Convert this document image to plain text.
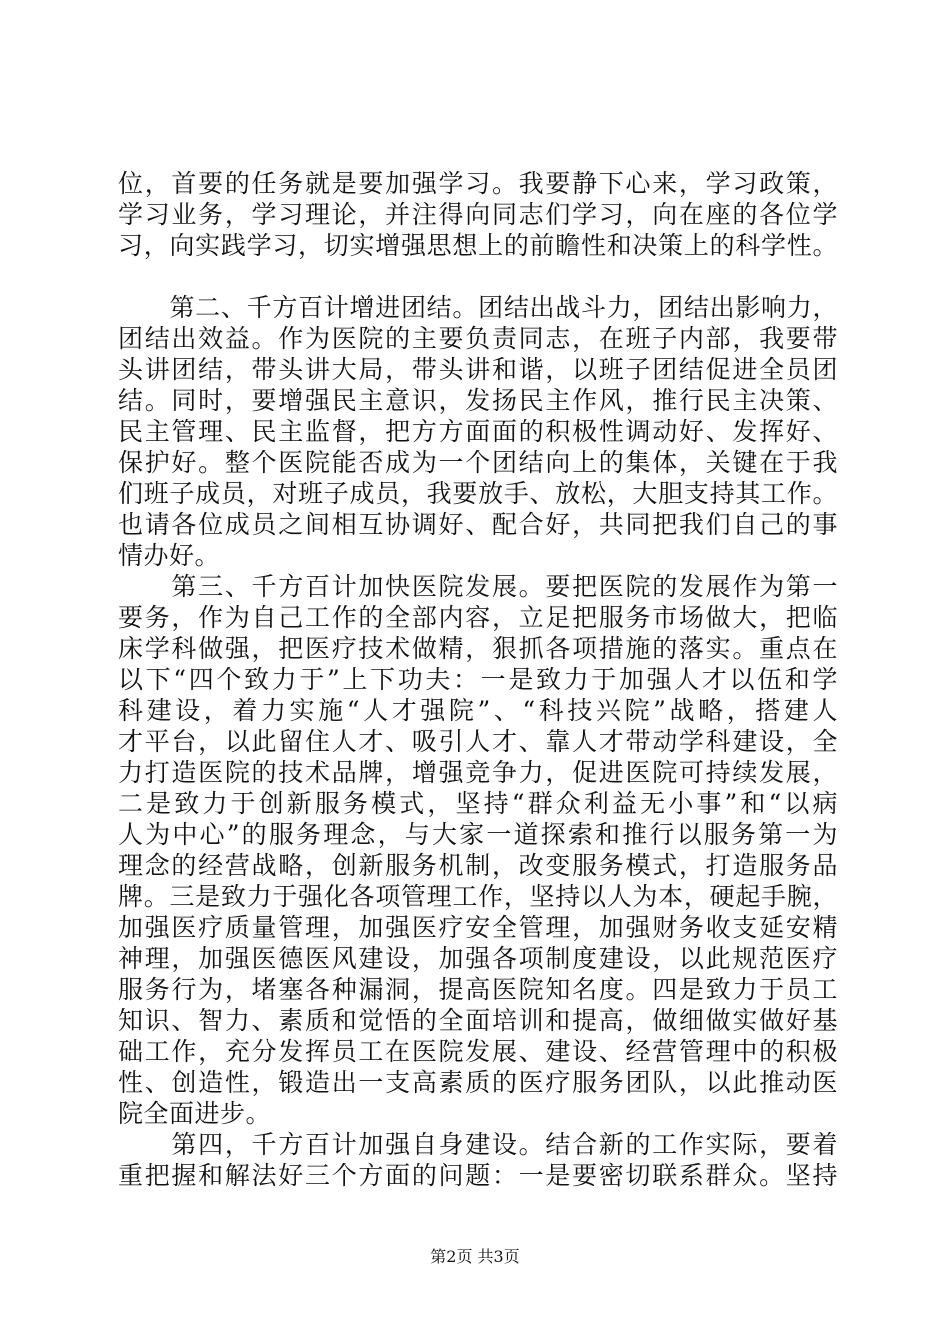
位，首要的任务就是要加强学习。我要静下心来，学习政策，
学习业务，学习理论，并注得向同志们学习，向在座的各位学
习，向实践学习，切实增强思想上的前瞻性和决策上的科学性。
　　第二、千方百计增进团结。团结出战斗力，团结出影响力，
团结出效益。作为医院的主要负责同志，在班子内部，我要带
头讲团结，带头讲大局，带头讲和谐，以班子团结促进全员团
结。同时，要增强民主意识，发扬民主作风，推行民主决策、
民主管理、民主监督，把方方面面的积极性调动好、发挥好、
保护好。整个医院能否成为一个团结向上的集体，关键在于我
们班子成员，对班子成员，我要放手、放松，大胆支持其工作。
也请各位成员之间相互协调好、配合好，共同把我们自己的事
情办好。
　　第三、千方百计加快医院发展。要把医院的发展作为第一
要务，作为自己工作的全部内容，立足把服务市场做大，把临
床学科做强，把医疗技术做精，狠抓各项措施的落实。重点在
以下“四个致力于”上下功夫：一是致力于加强人才以伍和学
科建设，着力实施“人才强院”、“科技兴院”战略，搭建人
才平台，以此留住人才、吸引人才、靠人才带动学科建设，全
力打造医院的技术品牌，增强竞争力，促进医院可持续发展，
二是致力于创新服务模式，坚持“群众利益无小事”和“以病
人为中心”的服务理念，与大家一道探索和推行以服务第一为
理念的经营战略，创新服务机制，改变服务模式，打造服务品
牌。三是致力于强化各项管理工作，坚持以人为本，硬起手腕，
加强医疗质量管理，加强医疗安全管理，加强财务收支延安精
神理，加强医德医风建设，加强各项制度建设，以此规范医疗
服务行为，堵塞各种漏洞，提高医院知名度。四是致力于员工
知识、智力、素质和觉悟的全面培训和提高，做细做实做好基
础工作，充分发挥员工在医院发展、建设、经营管理中的积极
性、创造性，锻造出一支高素质的医疗服务团队，以此推动医
院全面进步。
　　第四，千方百计加强自身建设。结合新的工作实际，要着
重把握和解法好三个方面的问题：一是要密切联系群众。坚持
第2页 共3页
